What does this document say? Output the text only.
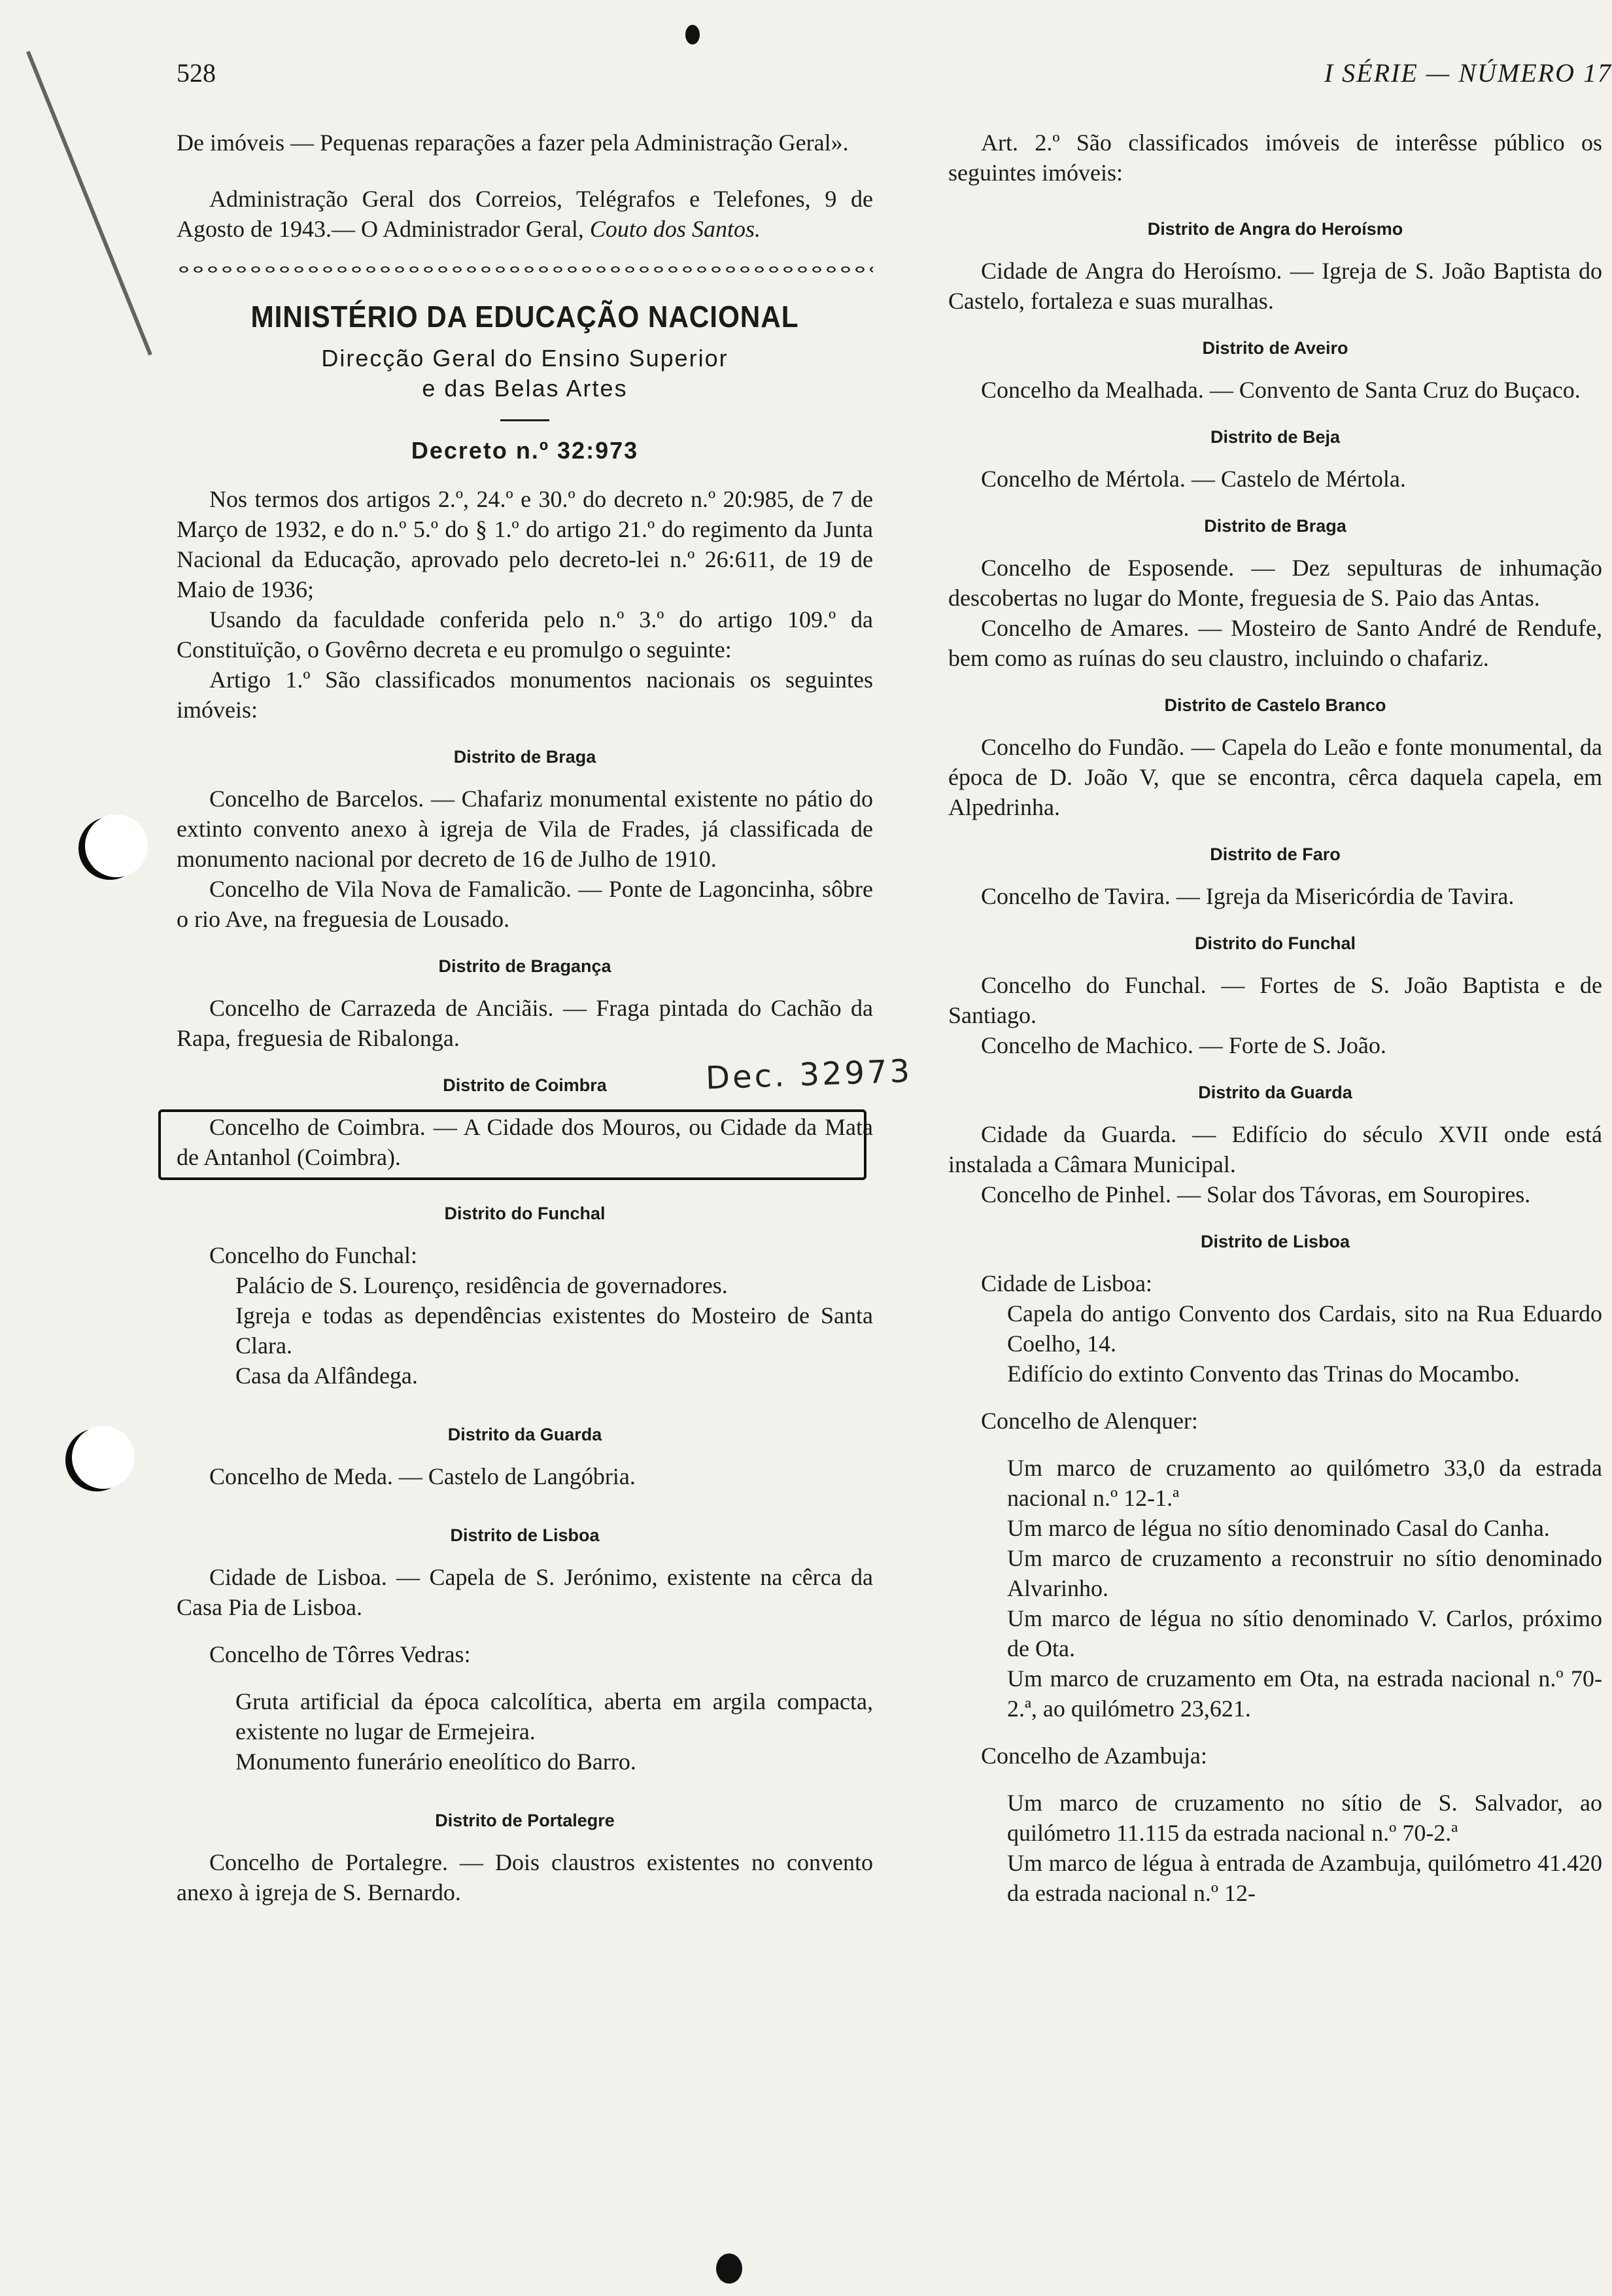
528	I SÉRIE — NÚMERO 17

De imóveis — Pequenas reparações a fazer pela Administração Geral».

Administração Geral dos Correios, Telégrafos e Telefones, 9 de Agosto de 1943.— O Administrador Geral, Couto dos Santos.

MINISTÉRIO DA EDUCAÇÃO NACIONAL
Direcção Geral do Ensino Superior
e das Belas Artes
Decreto n.º 32:973

Nos termos dos artigos 2.º, 24.º e 30.º do decreto n.º 20:985, de 7 de Março de 1932, e do n.º 5.º do § 1.º do artigo 21.º do regimento da Junta Nacional da Educação, aprovado pelo decreto-lei n.º 26:611, de 19 de Maio de 1936;

Usando da faculdade conferida pelo n.º 3.º do artigo 109.º da Constituïção, o Govêrno decreta e eu promulgo o seguinte:

Artigo 1.º São classificados monumentos nacionais os seguintes imóveis:

Distrito de Braga

Concelho de Barcelos. — Chafariz monumental existente no pátio do extinto convento anexo à igreja de Vila de Frades, já classificada de monumento nacional por decreto de 16 de Julho de 1910.

Concelho de Vila Nova de Famalicão. — Ponte de Lagoncinha, sôbre o rio Ave, na freguesia de Lousado.

Distrito de Bragança

Concelho de Carrazeda de Anciãis. — Fraga pintada do Cachão da Rapa, freguesia de Ribalonga.

Distrito de Coimbra	Dec. 32973

Concelho de Coimbra. — A Cidade dos Mouros, ou Cidade da Mata de Antanhol (Coimbra).

Distrito do Funchal

Concelho do Funchal:

Palácio de S. Lourenço, residência de governadores.

Igreja e todas as dependências existentes do Mosteiro de Santa Clara.

Casa da Alfândega.

Distrito da Guarda

Concelho de Meda. — Castelo de Langóbria.

Distrito de Lisboa

Cidade de Lisboa. — Capela de S. Jerónimo, existente na cêrca da Casa Pia de Lisboa.

Concelho de Tôrres Vedras:

Gruta artificial da época calcolítica, aberta em argila compacta, existente no lugar de Ermejeira.

Monumento funerário eneolítico do Barro.

Distrito de Portalegre

Concelho de Portalegre. — Dois claustros existentes no convento anexo à igreja de S. Bernardo.

Art. 2.º São classificados imóveis de interêsse público os seguintes imóveis:

Distrito de Angra do Heroísmo

Cidade de Angra do Heroísmo. — Igreja de S. João Baptista do Castelo, fortaleza e suas muralhas.

Distrito de Aveiro

Concelho da Mealhada. — Convento de Santa Cruz do Buçaco.

Distrito de Beja

Concelho de Mértola. — Castelo de Mértola.

Distrito de Braga

Concelho de Esposende. — Dez sepulturas de inhumação descobertas no lugar do Monte, freguesia de S. Paio das Antas.

Concelho de Amares. — Mosteiro de Santo André de Rendufe, bem como as ruínas do seu claustro, incluindo o chafariz.

Distrito de Castelo Branco

Concelho do Fundão. — Capela do Leão e fonte monumental, da época de D. João V, que se encontra, cêrca daquela capela, em Alpedrinha.

Distrito de Faro

Concelho de Tavira. — Igreja da Misericórdia de Tavira.

Distrito do Funchal

Concelho do Funchal. — Fortes de S. João Baptista e de Santiago.

Concelho de Machico. — Forte de S. João.

Distrito da Guarda

Cidade da Guarda. — Edifício do século XVII onde está instalada a Câmara Municipal.

Concelho de Pinhel. — Solar dos Távoras, em Souropires.

Distrito de Lisboa

Cidade de Lisboa:

Capela do antigo Convento dos Cardais, sito na Rua Eduardo Coelho, 14.

Edifício do extinto Convento das Trinas do Mocambo.

Concelho de Alenquer:

Um marco de cruzamento ao quilómetro 33,0 da estrada nacional n.º 12-1.ª

Um marco de légua no sítio denominado Casal do Canha.

Um marco de cruzamento a reconstruir no sítio denominado Alvarinho.

Um marco de légua no sítio denominado V. Carlos, próximo de Ota.

Um marco de cruzamento em Ota, na estrada nacional n.º 70-2.ª, ao quilómetro 23,621.

Concelho de Azambuja:

Um marco de cruzamento no sítio de S. Salvador, ao quilómetro 11.115 da estrada nacional n.º 70-2.ª

Um marco de légua à entrada de Azambuja, quilómetro 41.420 da estrada nacional n.º 12-
